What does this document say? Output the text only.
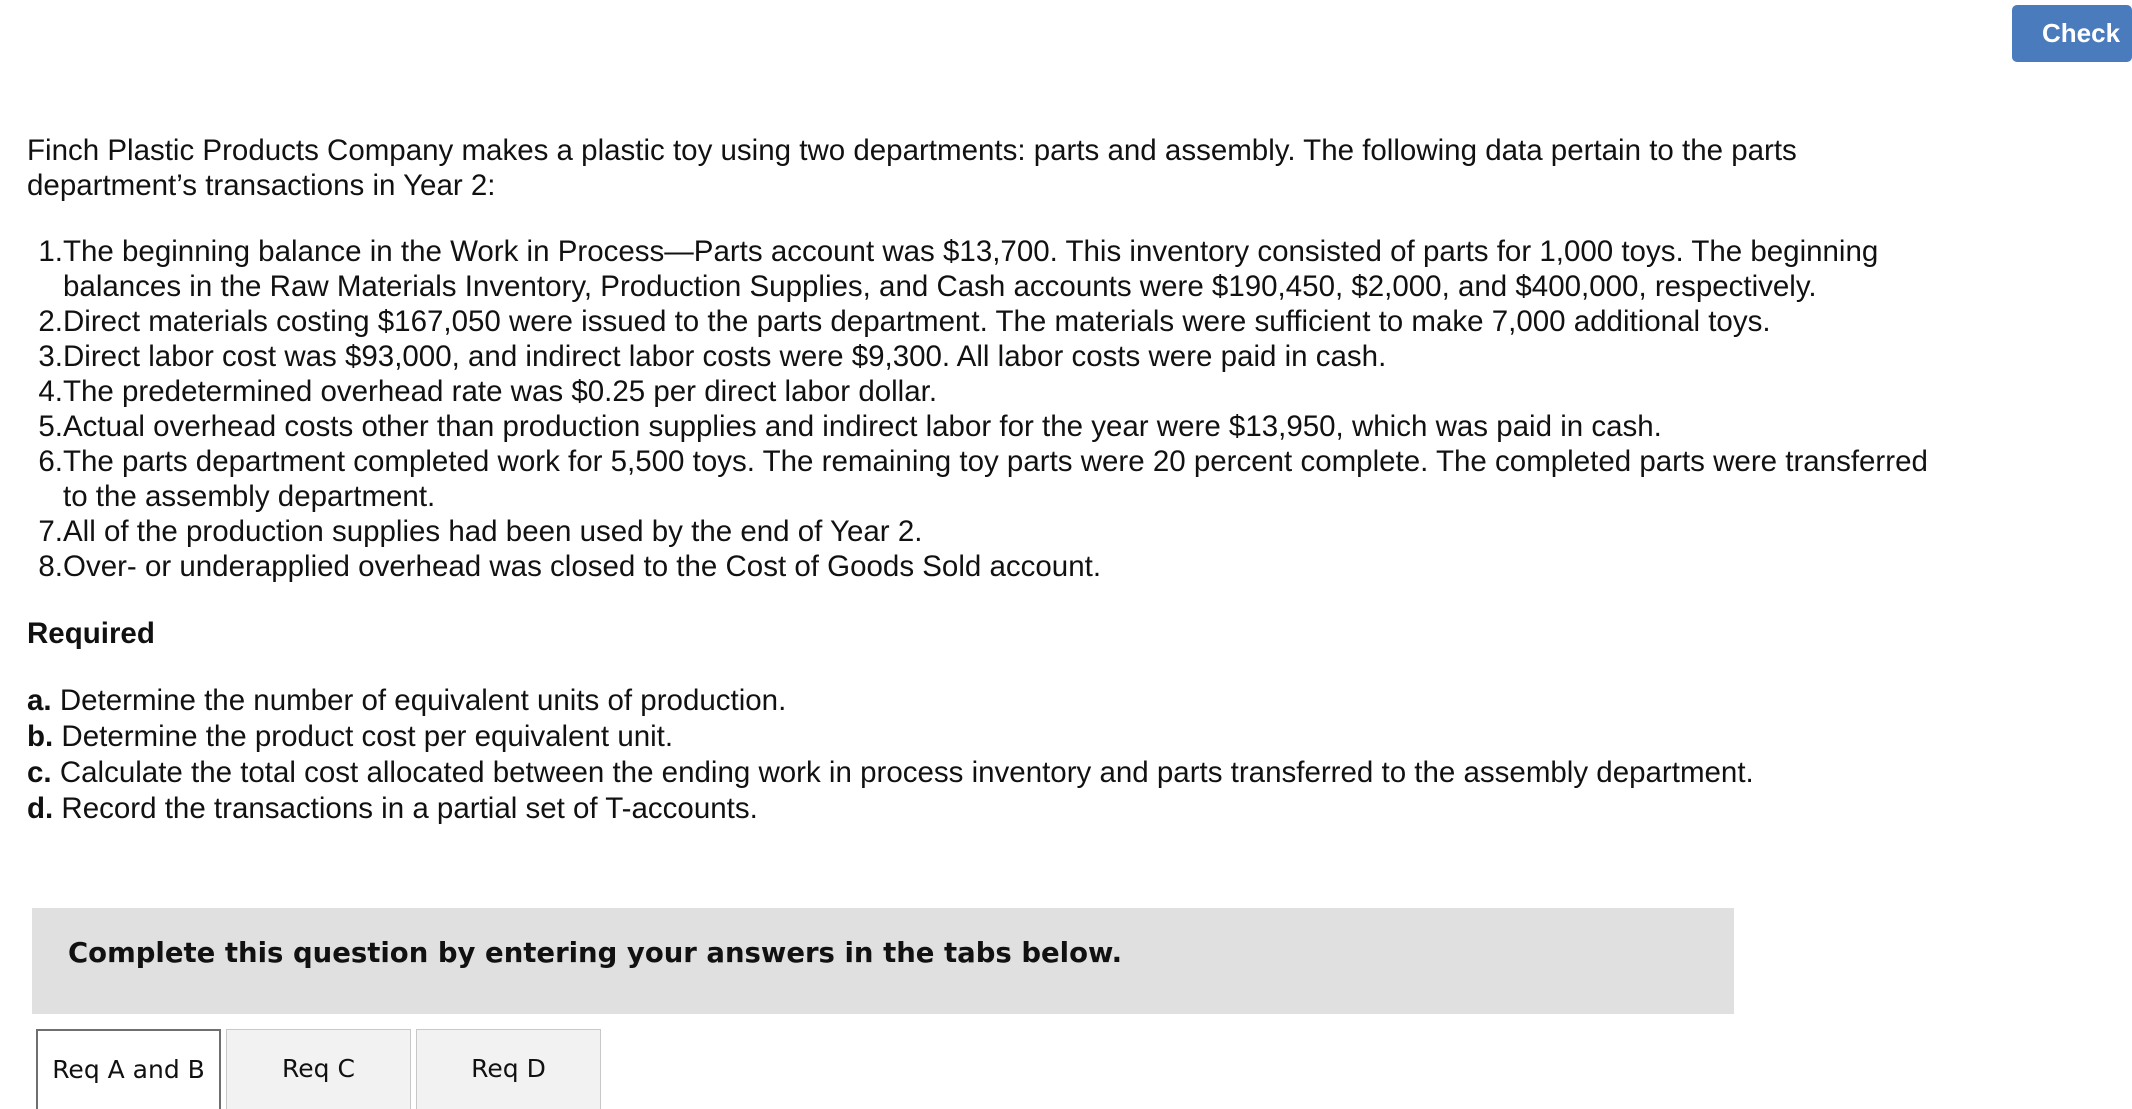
Check

Finch Plastic Products Company makes a plastic toy using two departments: parts and assembly. The following data pertain to the parts department’s transactions in Year 2:

1. The beginning balance in the Work in Process—Parts account was $13,700. This inventory consisted of parts for 1,000 toys. The beginning balances in the Raw Materials Inventory, Production Supplies, and Cash accounts were $190,450, $2,000, and $400,000, respectively.
2. Direct materials costing $167,050 were issued to the parts department. The materials were sufficient to make 7,000 additional toys.
3. Direct labor cost was $93,000, and indirect labor costs were $9,300. All labor costs were paid in cash.
4. The predetermined overhead rate was $0.25 per direct labor dollar.
5. Actual overhead costs other than production supplies and indirect labor for the year were $13,950, which was paid in cash.
6. The parts department completed work for 5,500 toys. The remaining toy parts were 20 percent complete. The completed parts were transferred to the assembly department.
7. All of the production supplies had been used by the end of Year 2.
8. Over- or underapplied overhead was closed to the Cost of Goods Sold account.

Required

a. Determine the number of equivalent units of production.
b. Determine the product cost per equivalent unit.
c. Calculate the total cost allocated between the ending work in process inventory and parts transferred to the assembly department.
d. Record the transactions in a partial set of T-accounts.
Complete this question by entering your answers in the tabs below.
Req A and B	Req C	Req D
